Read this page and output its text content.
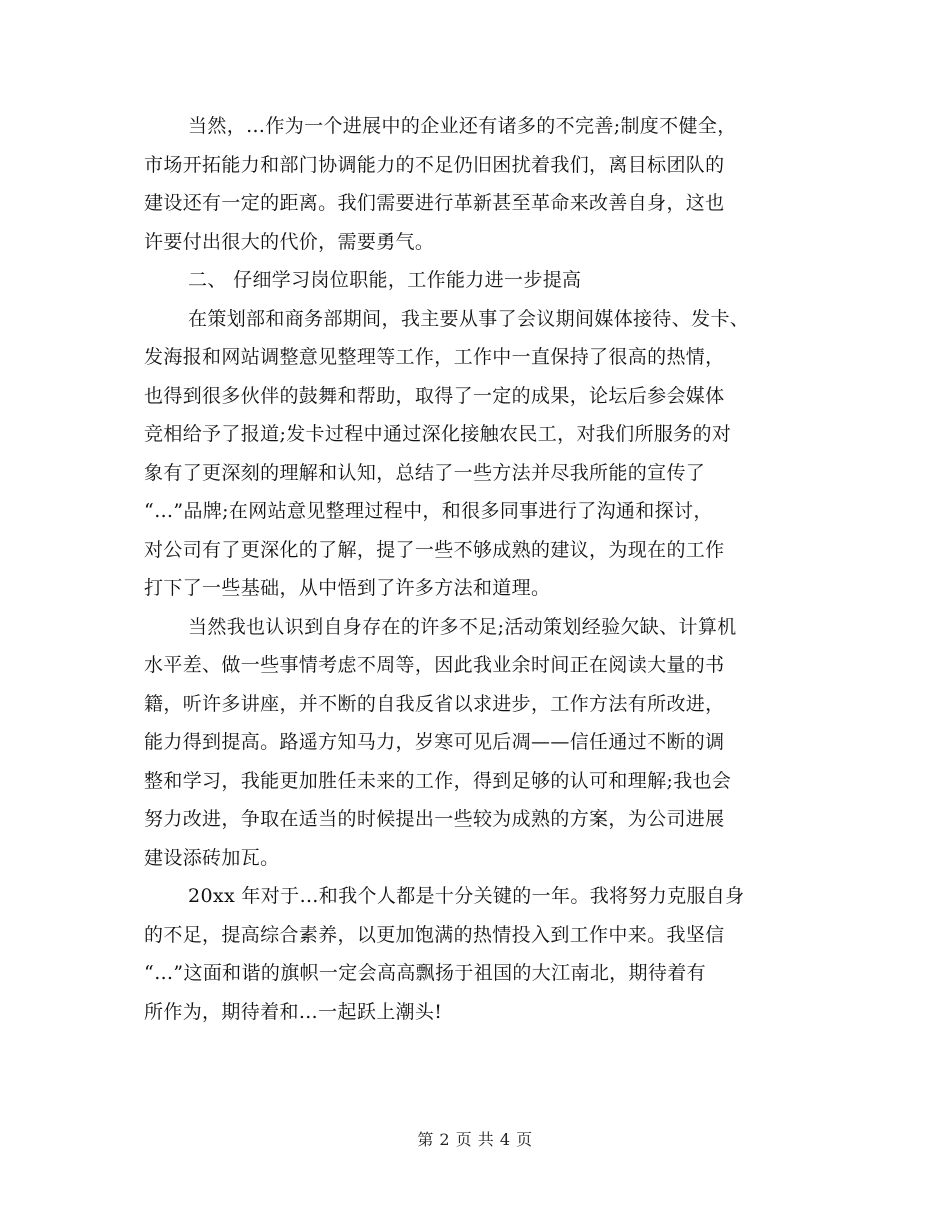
当然，…作为一个进展中的企业还有诸多的不完善;制度不健全，
市场开拓能力和部门协调能力的不足仍旧困扰着我们，离目标团队的
建设还有一定的距离。我们需要进行革新甚至革命来改善自身，这也
许要付出很大的代价，需要勇气。
二、 仔细学习岗位职能，工作能力进一步提高
在策划部和商务部期间，我主要从事了会议期间媒体接待、发卡、
发海报和网站调整意见整理等工作，工作中一直保持了很高的热情，
也得到很多伙伴的鼓舞和帮助，取得了一定的成果，论坛后参会媒体
竞相给予了报道;发卡过程中通过深化接触农民工，对我们所服务的对
象有了更深刻的理解和认知，总结了一些方法并尽我所能的宣传了
“…”品牌;在网站意见整理过程中，和很多同事进行了沟通和探讨，
对公司有了更深化的了解，提了一些不够成熟的建议，为现在的工作
打下了一些基础，从中悟到了许多方法和道理。
当然我也认识到自身存在的许多不足;活动策划经验欠缺、计算机
水平差、做一些事情考虑不周等，因此我业余时间正在阅读大量的书
籍，听许多讲座，并不断的自我反省以求进步，工作方法有所改进，
能力得到提高。路遥方知马力，岁寒可见后凋——信任通过不断的调
整和学习，我能更加胜任未来的工作，得到足够的认可和理解;我也会
努力改进，争取在适当的时候提出一些较为成熟的方案，为公司进展
建设添砖加瓦。
20xx 年对于…和我个人都是十分关键的一年。我将努力克服自身
的不足，提高综合素养，以更加饱满的热情投入到工作中来。我坚信
“…”这面和谐的旗帜一定会高高飘扬于祖国的大江南北，期待着有
所作为，期待着和…一起跃上潮头!
第 2 页 共 4 页
